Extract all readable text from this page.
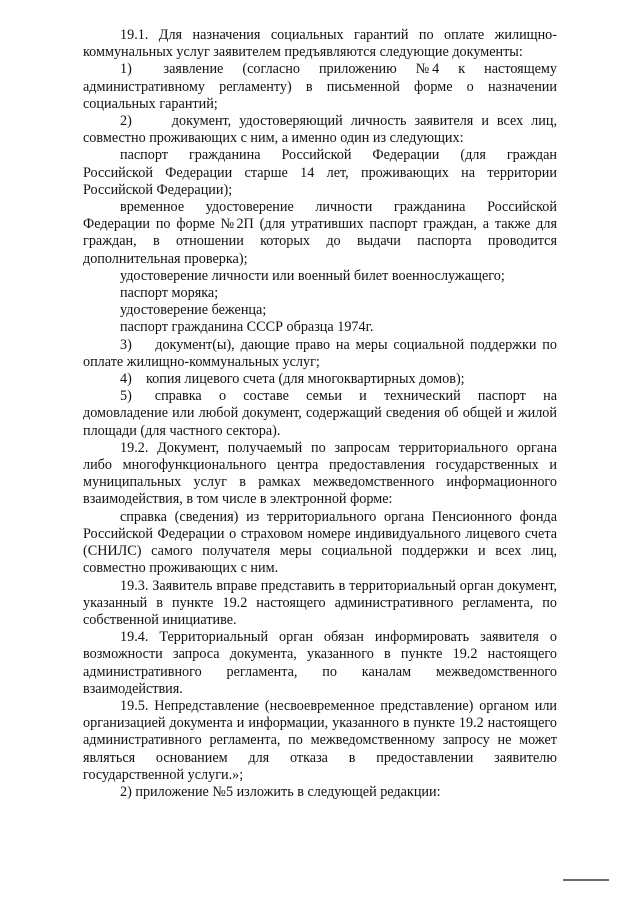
19.1. Для назначения социальных гарантий по оплате жилищно-коммунальных услуг заявителем предъявляются следующие документы:

1)     заявление   (согласно   приложению   №4   к   настоящему административному регламенту) в письменной форме о назначении социальных гарантий;

2)     документ, удостоверяющий личность заявителя и всех лиц, совместно проживающих с ним, а именно один из следующих:

паспорт   гражданина   Российской   Федерации   (для   граждан Российской Федерации старше 14 лет, проживающих на территории Российской Федерации);

временное   удостоверение   личности   гражданина   Российской Федерации по форме №2П (для утративших паспорт граждан, а также для граждан, в отношении которых до выдачи паспорта проводится дополнительная проверка);

удостоверение личности или военный билет военнослужащего;

паспорт моряка;

удостоверение беженца;

паспорт гражданина СССР образца 1974г.

3)    документ(ы), дающие право на меры социальной поддержки по оплате жилищно-коммунальных услуг;

4)    копия лицевого счета (для многоквартирных домов);

5)    справка   о   составе   семьи   и   технический   паспорт   на домовладение или любой документ, содержащий сведения об общей и жилой площади (для частного сектора).

19.2. Документ, получаемый по запросам территориального органа либо многофункционального центра предоставления государственных и муниципальных услуг в рамках межведомственного информационного взаимодействия, в том числе в электронной форме:

справка (сведения) из территориального органа Пенсионного фонда Российской Федерации о страховом номере индивидуального лицевого счета (СНИЛС) самого получателя меры социальной поддержки и всех лиц, совместно проживающих с ним.

19.3. Заявитель вправе представить в территориальный орган документ, указанный в пункте 19.2 настоящего административного регламента, по собственной инициативе.

19.4. Территориальный орган обязан информировать заявителя о возможности запроса документа, указанного в пункте 19.2 настоящего административного    регламента,    по    каналам    межведомственного взаимодействия.

19.5. Непредставление (несвоевременное представление) органом или организацией документа и информации, указанного в пункте 19.2 настоящего административного регламента, по межведомственному запросу не может являться основанием для отказа в предоставлении заявителю государственной услуги.»;

2) приложение №5 изложить в следующей редакции:
